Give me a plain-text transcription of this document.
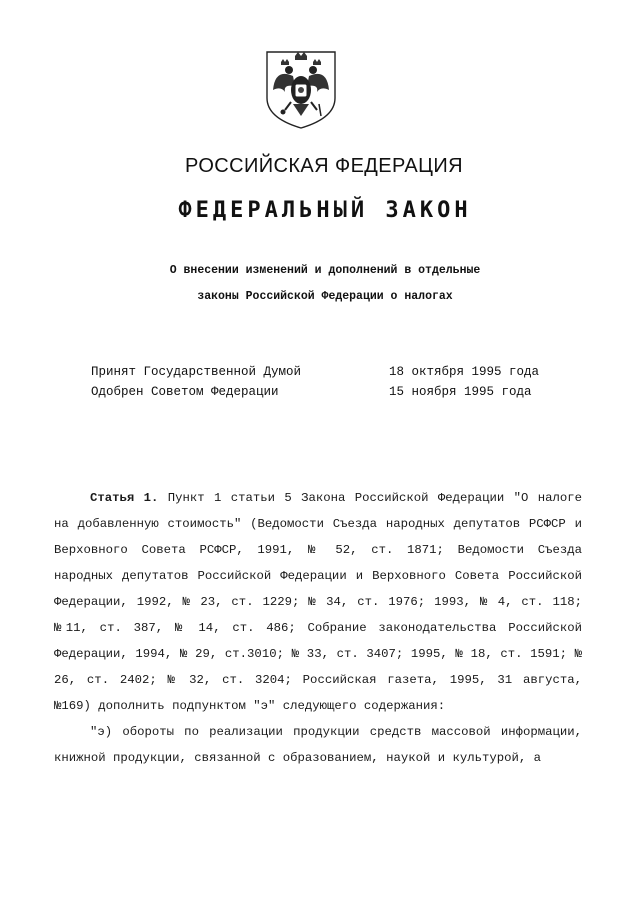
РОССИЙСКАЯ ФЕДЕРАЦИЯ
ФЕДЕРАЛЬНЫЙ ЗАКОН
О внесении изменений и дополнений в отдельные
законы Российской Федерации о налогах
Принят Государственной Думой	18 октября 1995 года
Одобрен Советом Федерации	15 ноября 1995 года

Статья 1. Пункт 1 статьи 5 Закона Российской Федерации "О налоге на добавленную стоимость" (Ведомости Съезда народных депутатов РСФСР и Верховного Совета РСФСР, 1991, № 52, ст. 1871; Ведомости Съезда народных депутатов Российской Федерации и Верховного Совета Российской Федерации, 1992, № 23, ст. 1229; № 34, ст. 1976; 1993, № 4, ст. 118; №11, ст. 387, № 14, ст. 486; Собрание законодательства Российской Федерации, 1994, № 29, ст.3010; № 33, ст. 3407; 1995, № 18, ст. 1591; № 26, ст. 2402; № 32, ст. 3204; Российская газета, 1995, 31 августа, №169) дополнить подпунктом "э" следующего содержания:

"э) обороты по реализации продукции средств массовой информации, книжной продукции, связанной с образованием, наукой и культурой, а
